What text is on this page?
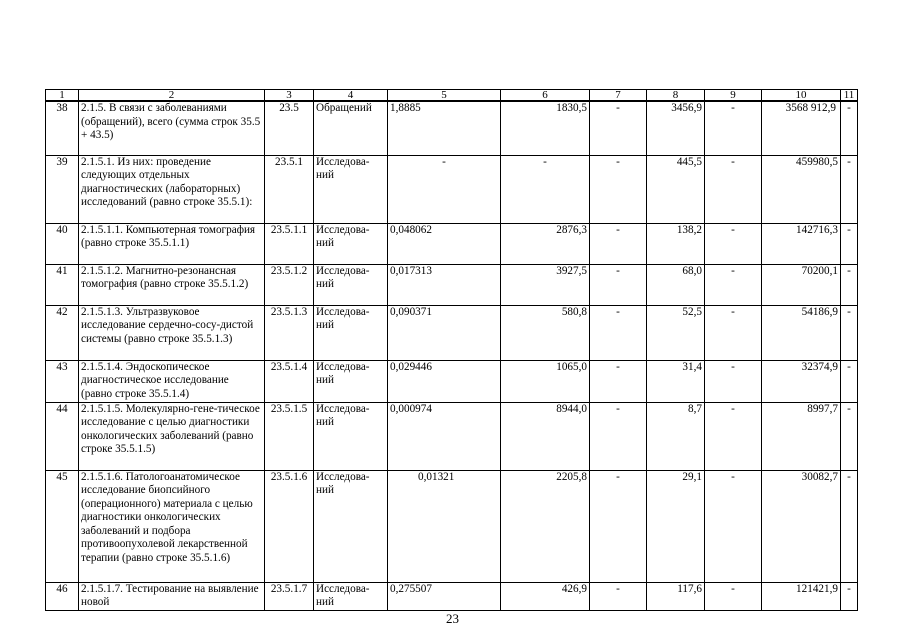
1	2	3	4	5	6	7	8	9	10	11
38	2.1.5. В связи с заболеваниями (обращений), всего (сумма строк 35.5 + 43.5)	23.5	Обращений	1,8885	1830,5	-	3456,9	-	3568 912,9	-
39	2.1.5.1. Из них: проведение следующих отдельных диагностических (лабораторных) исследований (равно строке 35.5.1):	23.5.1	Исследова-ний	-	-	-	445,5	-	459980,5	-
40	2.1.5.1.1. Компьютерная томография (равно строке 35.5.1.1)	23.5.1.1	Исследова-ний	0,048062	2876,3	-	138,2	-	142716,3	-
41	2.1.5.1.2. Магнитно-резонансная томография (равно строке 35.5.1.2)	23.5.1.2	Исследова-ний	0,017313	3927,5	-	68,0	-	70200,1	-
42	2.1.5.1.3. Ультразвуковое исследование сердечно-сосу-дистой системы (равно строке 35.5.1.3)	23.5.1.3	Исследова-ний	0,090371	580,8	-	52,5	-	54186,9	-
43	2.1.5.1.4. Эндоскопическое диагностическое исследование (равно строке 35.5.1.4)	23.5.1.4	Исследова-ний	0,029446	1065,0	-	31,4	-	32374,9	-
44	2.1.5.1.5. Молекулярно-гене-тическое исследование с целью диагностики онкологических заболеваний (равно строке 35.5.1.5)	23.5.1.5	Исследова-ний	0,000974	8944,0	-	8,7	-	8997,7	-
45	2.1.5.1.6. Патологоанатомическое исследование биопсийного (операционного) материала с целью диагностики онкологических заболеваний и подбора противоопухолевой лекарственной терапии (равно строке 35.5.1.6)	23.5.1.6	Исследова-ний	0,01321	2205,8	-	29,1	-	30082,7	-
46	2.1.5.1.7. Тестирование на выявление новой	23.5.1.7	Исследова-ний	0,275507	426,9	-	117,6	-	121421,9	-
23
